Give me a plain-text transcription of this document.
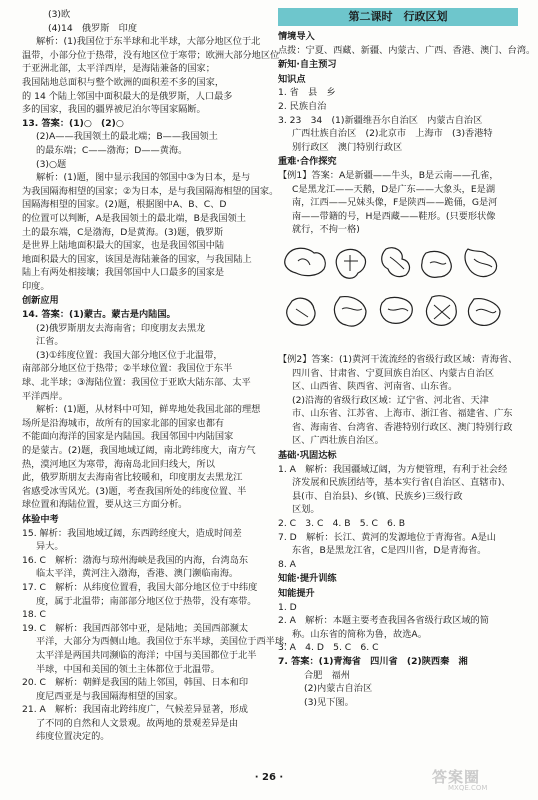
(3)欧
(4)14　俄罗斯　印度
解析：(1)我国位于东半球和北半球，大部分地区位于北
温带，小部分位于热带，没有地区位于寒带；欧洲大部分地区位
于亚洲北部，太平洋西岸，是海陆兼备的国家；
我国陆地总面积与整个欧洲的面积差不多的国家，
的 14 个陆上邻国中面积最大的是俄罗斯，人口最多
多的国家，我国的疆界被尼泊尔等国家隔断。
13. 答案：(1)○　(2)○
(2)A——我国领土的最北端；B——我国领土
的最东端；C——渤海；D——黄海。
(3)○题
解析：(1)题，图中显示我国的邻国中③为日本，是与
为我国隔海相望的国家；②为日本，是与我国隔海相望的国家。
国隔海相望的国家。(2)题，根据图中A、B、C、D
的位置可以判断，A是我国领土的最北端，B是我国领土
土的最东端，C是渤海，D是黄海。(3)题，俄罗斯
是世界上陆地面积最大的国家，也是我国邻国中陆
地面积最大的国家，该国是海陆兼备的国家，与我国陆上
陆上有两处相接壤；我国邻国中人口最多的国家是
印度。
创新应用
14. 答案：(1)蒙古。蒙古是内陆国。
(2)俄罗斯朋友去海南省；印度朋友去黑龙
江省。
(3)①纬度位置：我国大部分地区位于北温带，
南部部分地区位于热带；②半球位置：我国位于东半
球、北半球；③海陆位置：我国位于亚欧大陆东部、太平
平洋西岸。
解析：(1)题，从材料中可知，鲜卑地处我国北部的理想
场所是沿海城市，故所有的国家北部的国家也都有
不能面向海洋的国家是内陆国。我国邻国中内陆国家
的是蒙古。(2)题，我国地域辽阔，南北跨纬度大，南方气
热，漠河地区为寒带，海南岛北回归线大，所以
此，俄罗斯朋友去海南省比较暖和，印度朋友去黑龙江
省感受冰雪风光。(3)题，考查我国所处的纬度位置、半
球位置和海陆位置，要从这三方面分析。
体验中考
15. 解析：我国地域辽阔，东西跨经度大，造成时间差
异大。
16. C　解析：渤海与琼州海峡是我国的内海，台湾岛东
临太平洋，黄河注入渤海，香港、澳门濒临南海。
17. C　解析：从纬度位置看，我国大部分地区位于中纬度
度，属于北温带；南部部分地区位于热带，没有寒带。
18. C
19. C　解析：我国西部邻中亚，是陆地；美国西部濒太
平洋，大部分为西侧山地。我国位于东半球，美国位于西半球，
太平洋是两国共同濒临的海洋；中国与美国都位于北半
半球，中国和美国的领土主体都位于北温带。
20. C　解析：朝鲜是我国的陆上邻国，韩国、日本和印
度尼西亚是与我国隔海相望的国家。
21. A　解析：我国南北跨纬度广，气候差异显著，形成
了不同的自然和人文景观。故两地的景观差异是由
纬度位置决定的。
第二课时　行政区划
情境导入
点拨：宁夏、西藏、新疆、内蒙古、广西、香港、澳门、台湾。
新知·自主预习
知识点
1. 省　县　乡
2. 民族自治
3. 23　34　(1)新疆维吾尔自治区　内蒙古自治区
广西壮族自治区　(2)北京市　上海市　(3)香港特
别行政区　澳门特别行政区
重难·合作探究
【例1】答案：A是新疆——牛头，B是云南——孔雀，
C是黑龙江——天鹅，D是广东——大象头，E是湖
南，江西——兄妹头像，F是陕西——跪俑，G是河
南——带籍的号，H是西藏——鞋形。(只要形状像
就行，不拘一格)
【例2】答案：(1)黄河干流流经的省级行政区域：青海省、
四川省、甘肃省、宁夏回族自治区、内蒙古自治区
区、山西省、陕西省、河南省、山东省。
(2)沿海的省级行政区域：辽宁省、河北省、天津
市、山东省、江苏省、上海市、浙江省、福建省、广东
省、海南省、台湾省、香港特别行政区、澳门特别行政
区、广西壮族自治区。
基础·巩固达标
1. A　解析：我国疆域辽阔，为方便管理，有利于社会经
济发展和民族团结等，基本实行省(自治区、直辖市)、
县(市、自治县)、乡(镇、民族乡)三级行政
区划。
2. C　3. C　4. B　5. C　6. B
7. D　解析：长江、黄河的发源地位于青海省。A是山
东省，B是黑龙江省，C是四川省，D是青海省。
8. A
知能·提升训练
知能提升
1. D
2. A　解析：本题主要考查我国各省级行政区域的简
称。山东省的简称为鲁，故选A。
3. A　4. D　5. C　6. C
7. 答案：(1)青海省　四川省　(2)陕西秦　湘
合肥　福州
(2)内蒙古自治区
(3)见下图。
· 26 ·	答案圈
MXQE.COM
